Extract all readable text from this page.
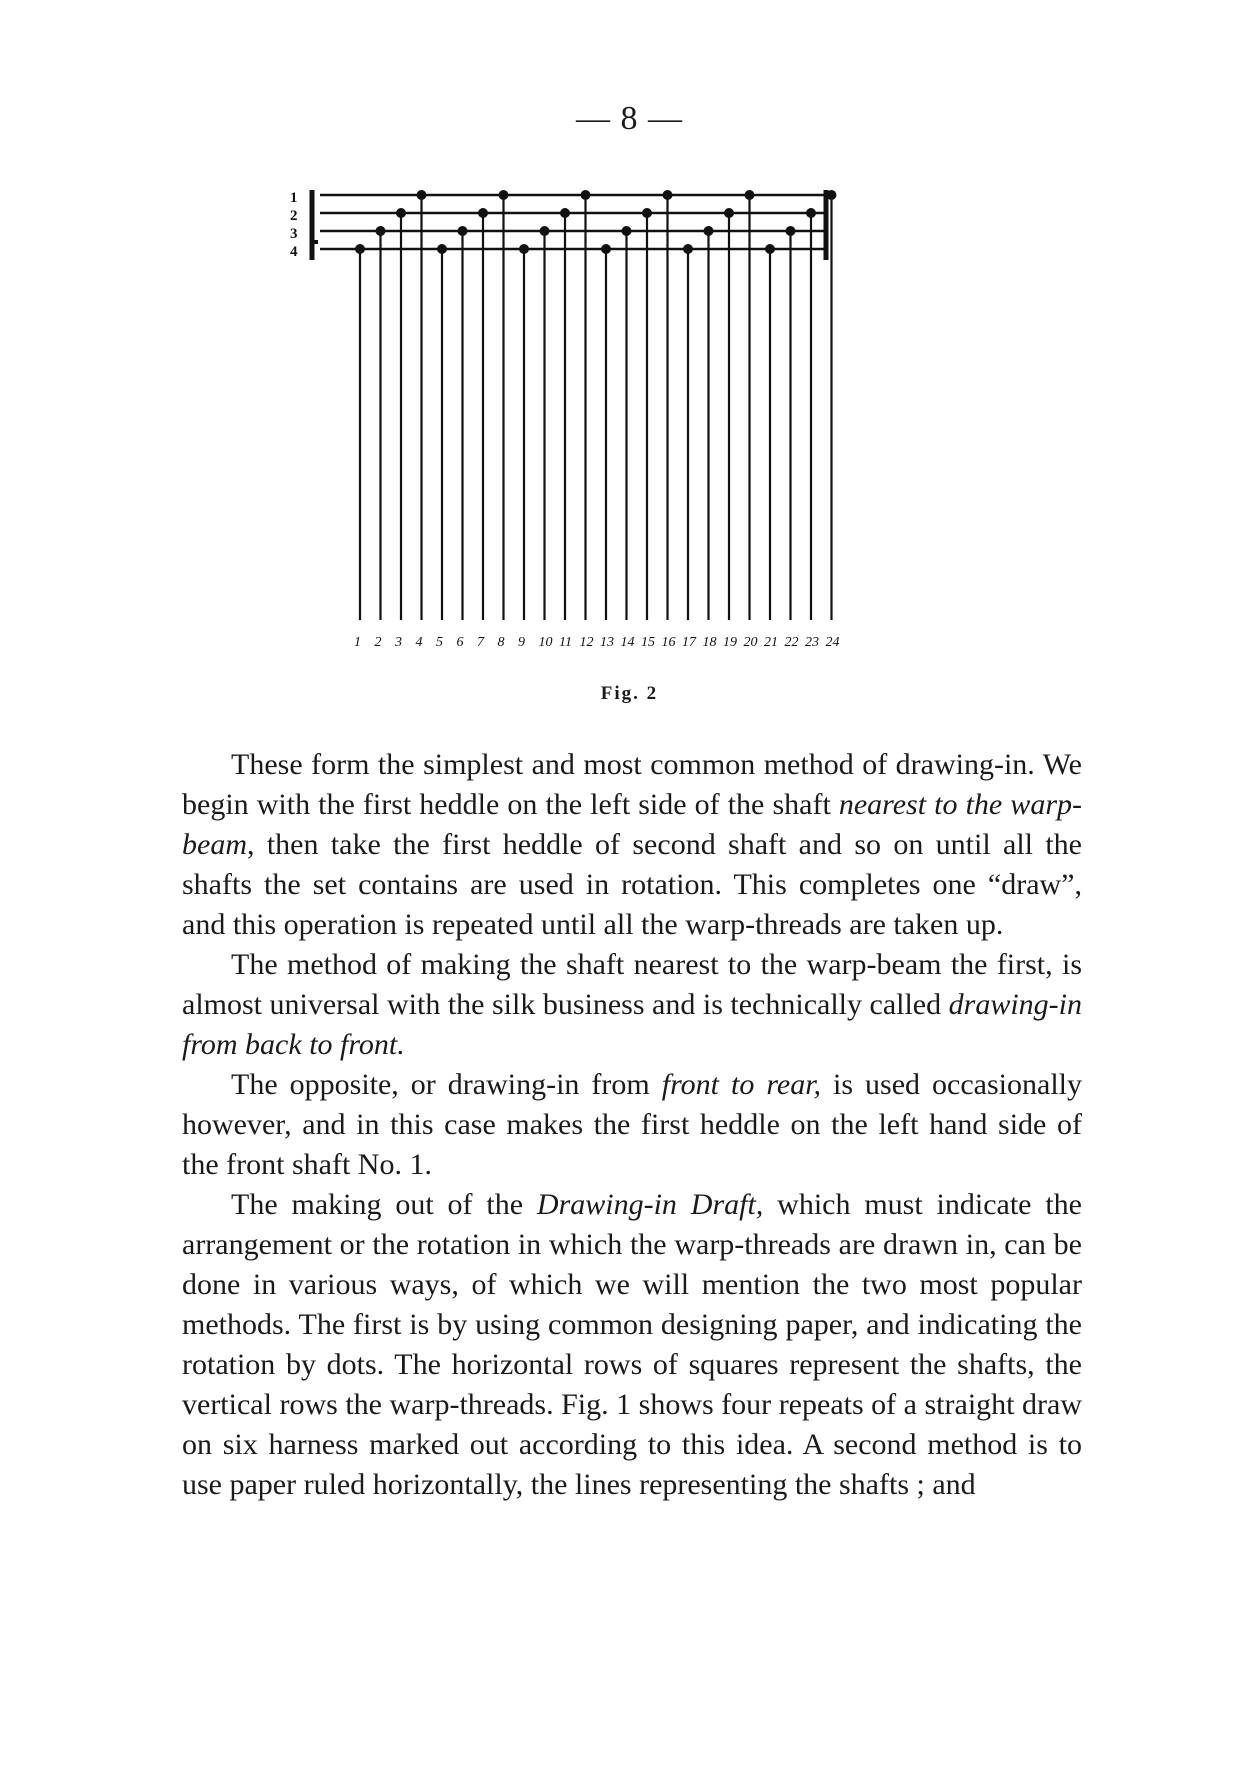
— 8 —
1
2
3
4
1 2 3 4 5 6 7 8 9 10 11 12 13 14 15 16 17 18 19 20 21 22 23 24
Fig. 2

These form the simplest and most common method of drawing-in. We begin with the first heddle on the left side of the shaft nearest to the warp-beam, then take the first heddle of second shaft and so on until all the shafts the set contains are used in rotation. This completes one “draw”, and this operation is repeated until all the warp-threads are taken up.

The method of making the shaft nearest to the warp-beam the first, is almost universal with the silk business and is technically called drawing-in from back to front.

The opposite, or drawing-in from front to rear, is used occasionally however, and in this case makes the first heddle on the left hand side of the front shaft No. 1.

The making out of the Drawing-in Draft, which must indicate the arrangement or the rotation in which the warp-threads are drawn in, can be done in various ways, of which we will mention the two most popular methods. The first is by using common designing paper, and indicating the rotation by dots. The horizontal rows of squares represent the shafts, the vertical rows the warp-threads. Fig. 1 shows four repeats of a straight draw on six harness marked out according to this idea. A second method is to use paper ruled horizontally, the lines representing the shafts ; and
